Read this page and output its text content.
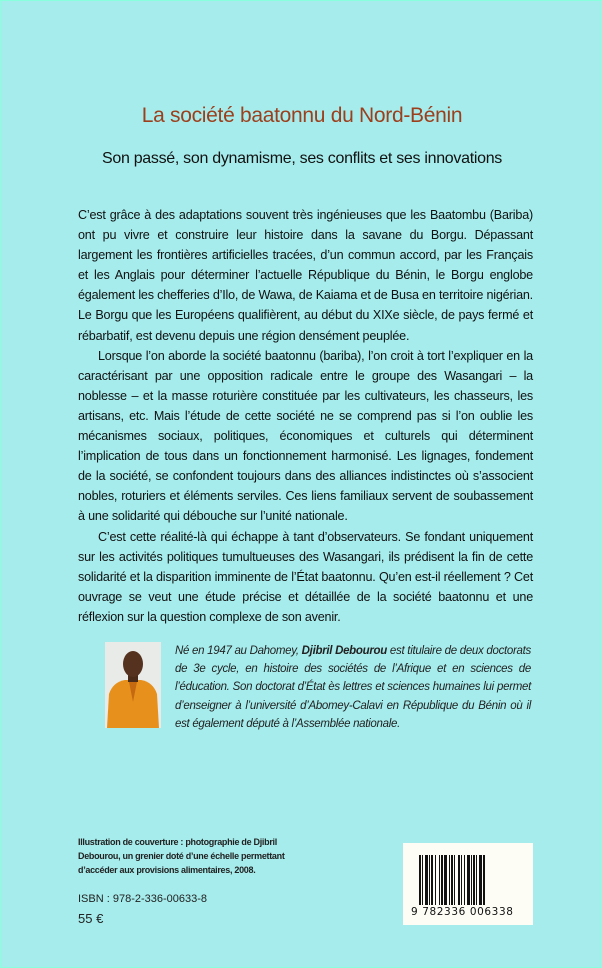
La société baatonnu du Nord-Bénin
Son passé, son dynamisme, ses conflits et ses innovations

C’est grâce à des adaptations souvent très ingénieuses que les Baatombu (Bariba) ont pu vivre et construire leur histoire dans la savane du Borgu. Dépassant largement les frontières artificielles tracées, d’un commun accord, par les Français et les Anglais pour déterminer l’actuelle République du Bénin, le Borgu englobe également les chefferies d’Ilo, de Wawa, de Kaiama et de Busa en territoire nigérian. Le Borgu que les Européens qualifièrent, au début du XIXe siècle, de pays fermé et rébarbatif, est devenu depuis une région densément peuplée.

Lorsque l’on aborde la société baatonnu (bariba), l’on croit à tort l’expliquer en la caractérisant par une opposition radicale entre le groupe des Wasangari – la noblesse – et la masse roturière constituée par les cultivateurs, les chasseurs, les artisans, etc. Mais l’étude de cette société ne se comprend pas si l’on oublie les mécanismes sociaux, politiques, économiques et culturels qui déterminent l’implication de tous dans un fonctionnement harmonisé. Les lignages, fondement de la société, se confondent toujours dans des alliances indistinctes où s’associent nobles, roturiers et éléments serviles. Ces liens familiaux servent de soubassement à une solidarité qui débouche sur l’unité nationale.

C’est cette réalité-là qui échappe à tant d’observateurs. Se fondant uniquement sur les activités politiques tumultueuses des Wasangari, ils prédisent la fin de cette solidarité et la disparition imminente de l’État baatonnu. Qu’en est-il réellement ? Cet ouvrage se veut une étude précise et détaillée de la société baatonnu et une réflexion sur la question complexe de son avenir.

Né en 1947 au Dahomey, Djibril Debourou est titulaire de deux doctorats de 3e cycle, en histoire des sociétés de l’Afrique et en sciences de l’éducation. Son doctorat d’État ès lettres et sciences humaines lui permet d’enseigner à l’université d’Abomey-Calavi en République du Bénin où il est également député à l’Assemblée nationale.
Illustration de couverture : photographie de Djibril Debourou, un grenier doté d’une échelle permettant d’accéder aux provisions alimentaires, 2008.
ISBN : 978-2-336-00633-8
55 €	9 782336 006338
